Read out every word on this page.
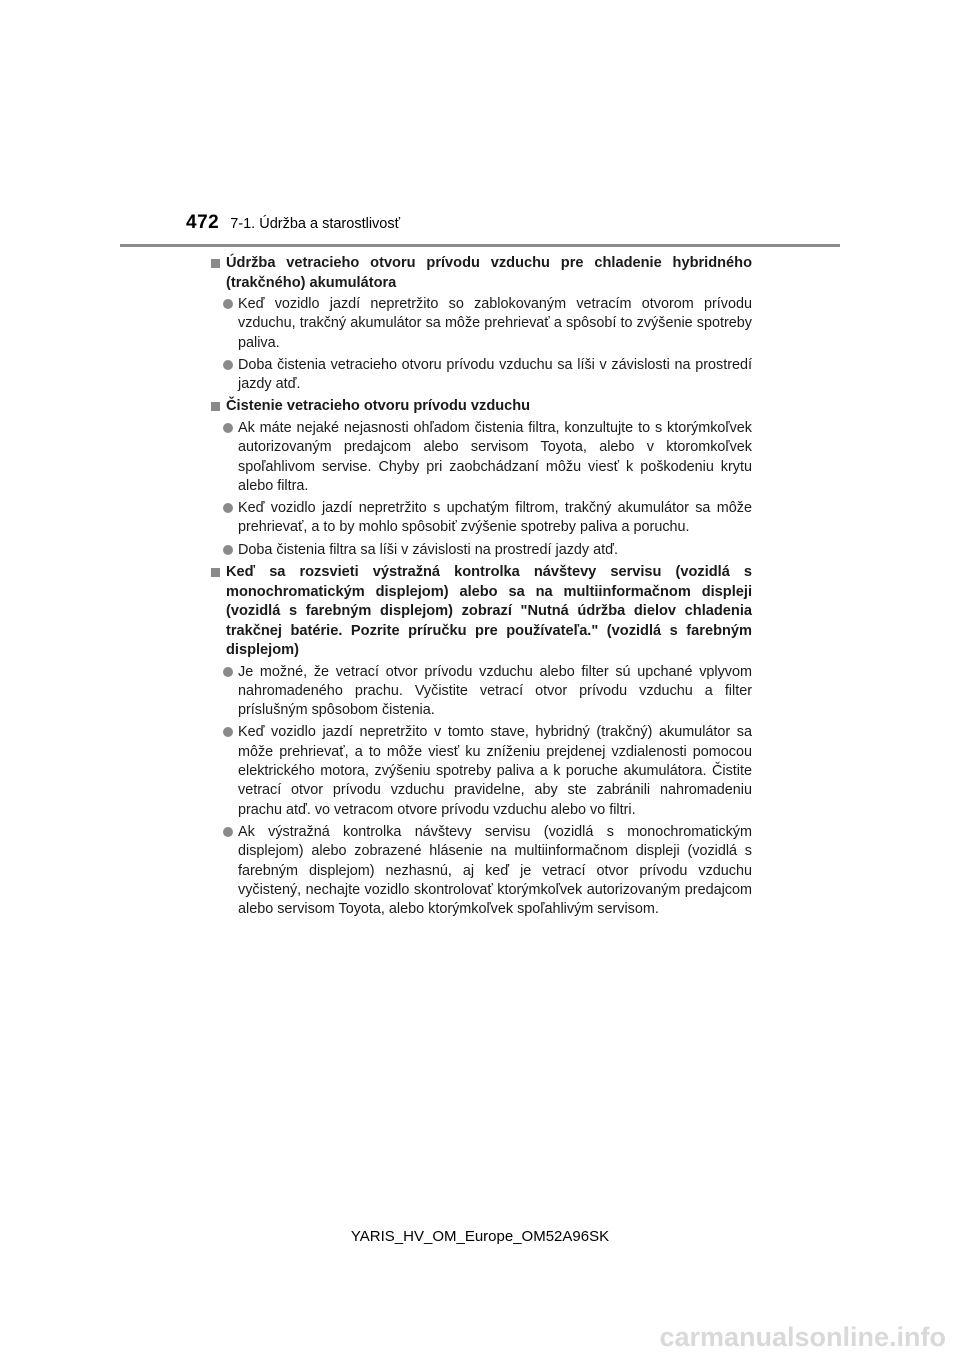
472 7-1. Údržba a starostlivosť
Údržba vetracieho otvoru prívodu vzduchu pre chladenie hybridného (trakčného) akumulátora
Keď vozidlo jazdí nepretržito so zablokovaným vetracím otvorom prívodu vzduchu, trakčný akumulátor sa môže prehrievať a spôsobí to zvýšenie spotreby paliva.
Doba čistenia vetracieho otvoru prívodu vzduchu sa líši v závislosti na prostredí jazdy atď.
Čistenie vetracieho otvoru prívodu vzduchu
Ak máte nejaké nejasnosti ohľadom čistenia filtra, konzultujte to s ktorýmkoľvek autorizovaným predajcom alebo servisom Toyota, alebo v ktoromkoľvek spoľahlivom servise. Chyby pri zaobchádzaní môžu viesť k poškodeniu krytu alebo filtra.
Keď vozidlo jazdí nepretržito s upchatým filtrom, trakčný akumulátor sa môže prehrievať, a to by mohlo spôsobiť zvýšenie spotreby paliva a poruchu.
Doba čistenia filtra sa líši v závislosti na prostredí jazdy atď.
Keď sa rozsvieti výstražná kontrolka návštevy servisu (vozidlá s monochromatickým displejom) alebo sa na multiinformačnom displeji (vozidlá s farebným displejom) zobrazí "Nutná údržba dielov chladenia trakčnej batérie. Pozrite príručku pre používateľa." (vozidlá s farebným displejom)
Je možné, že vetrací otvor prívodu vzduchu alebo filter sú upchané vplyvom nahromadeného prachu. Vyčistite vetrací otvor prívodu vzduchu a filter príslušným spôsobom čistenia.
Keď vozidlo jazdí nepretržito v tomto stave, hybridný (trakčný) akumulátor sa môže prehrievať, a to môže viesť ku zníženiu prejdenej vzdialenosti pomocou elektrického motora, zvýšeniu spotreby paliva a k poruche akumulátora. Čistite vetrací otvor prívodu vzduchu pravidelne, aby ste zabránili nahromadeniu prachu atď. vo vetracom otvore prívodu vzduchu alebo vo filtri.
Ak výstražná kontrolka návštevy servisu (vozidlá s monochromatickým displejom) alebo zobrazené hlásenie na multiinformačnom displeji (vozidlá s farebným displejom) nezhasnú, aj keď je vetrací otvor prívodu vzduchu vyčistený, nechajte vozidlo skontrolovať ktorýmkoľvek autorizovaným predajcom alebo servisom Toyota, alebo ktorýmkoľvek spoľahlivým servisom.
YARIS_HV_OM_Europe_OM52A96SK
carmanualsonline.info
